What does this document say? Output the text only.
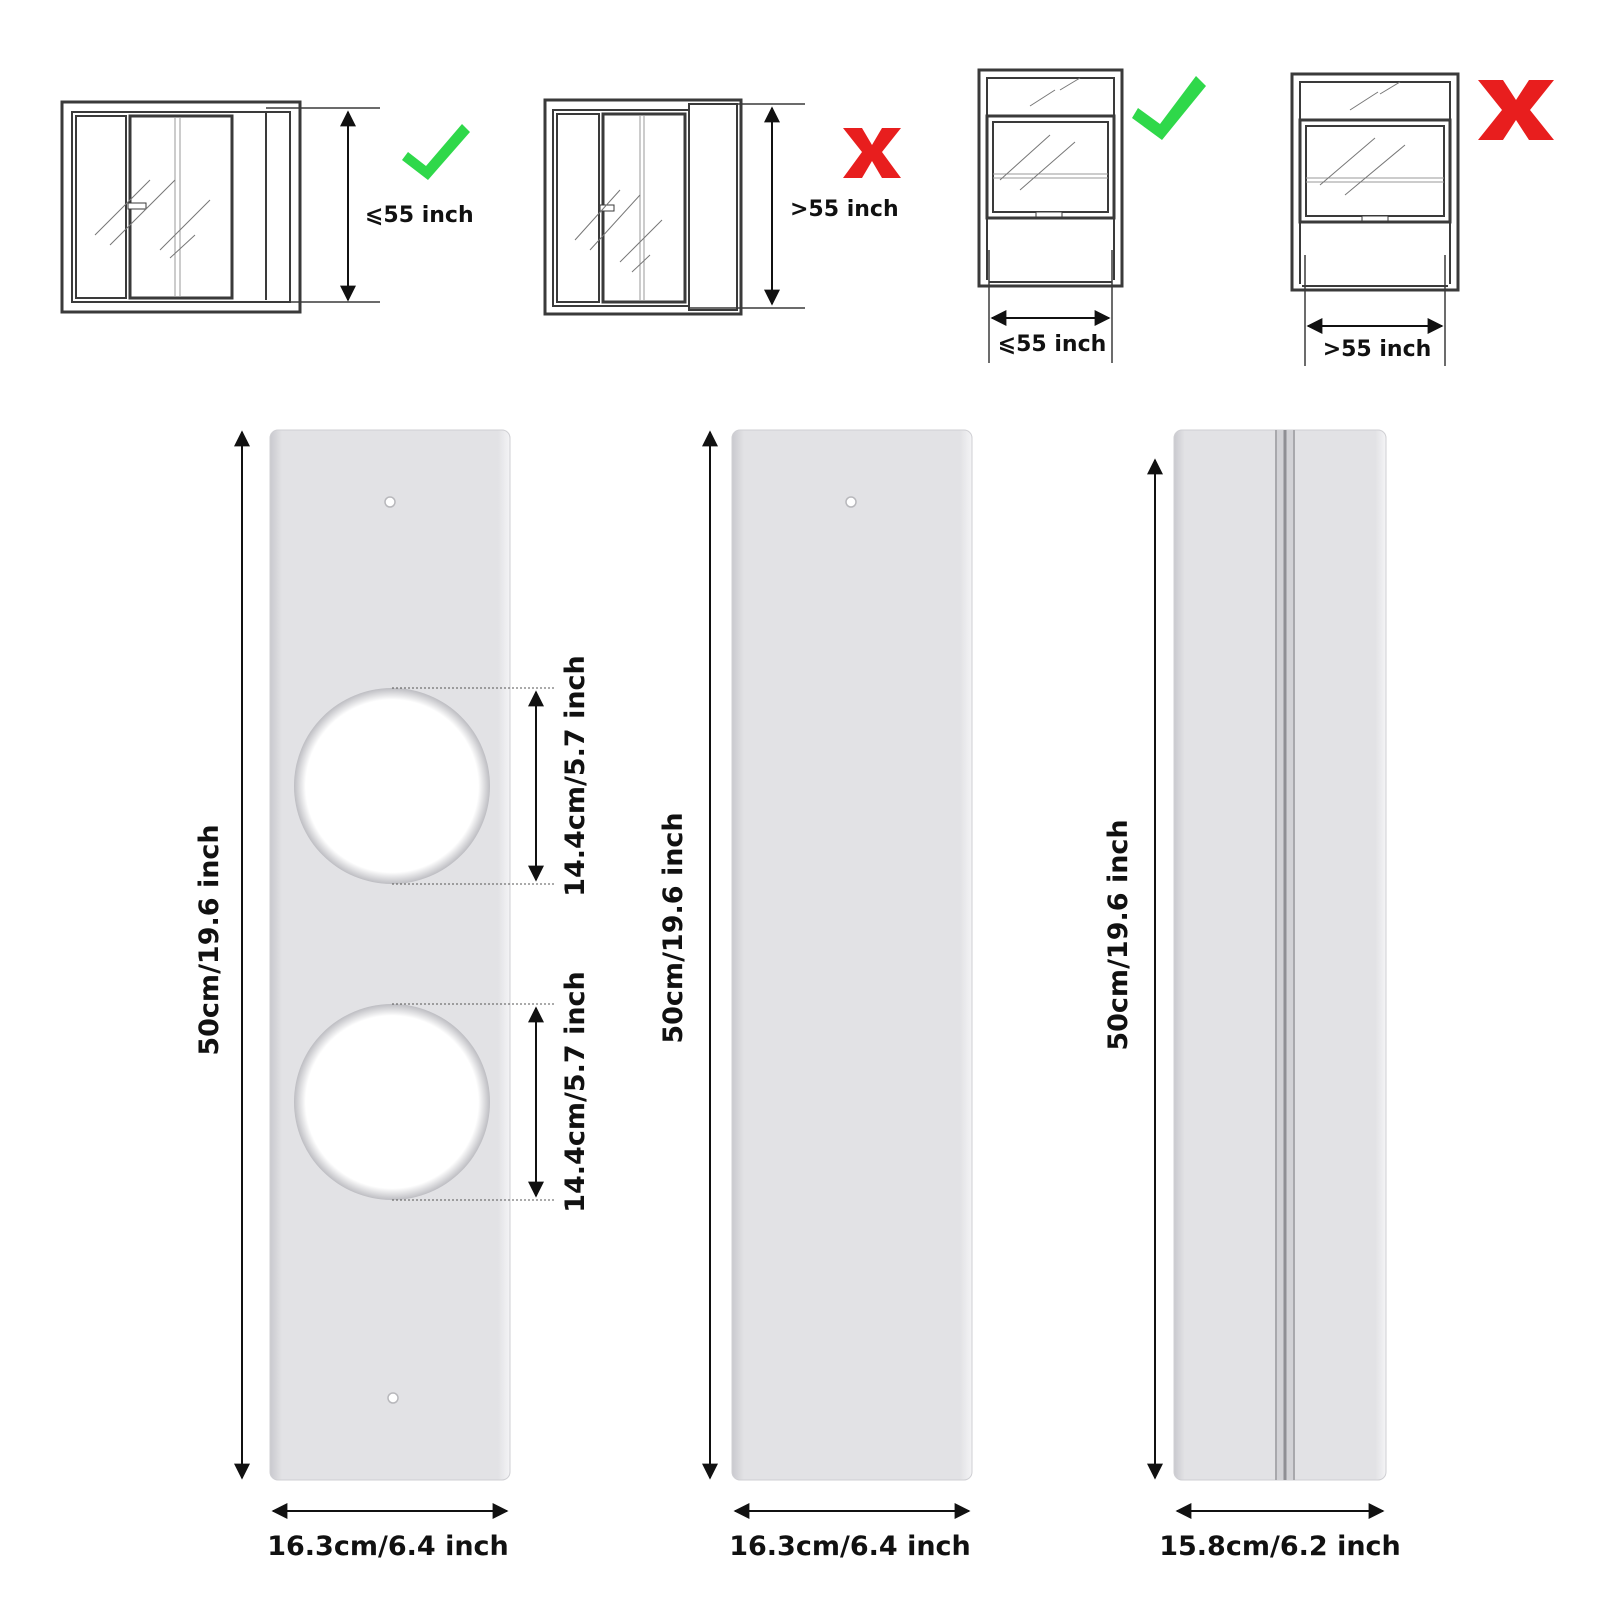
⩽55 inch	>55 inch
⩽55 inch	>55 inch
14.4cm/5.7 inch
14.4cm/5.7 inch
50cm/19.6 inch
16.3cm/6.4 inch
50cm/19.6 inch
16.3cm/6.4 inch
50cm/19.6 inch
15.8cm/6.2 inch
